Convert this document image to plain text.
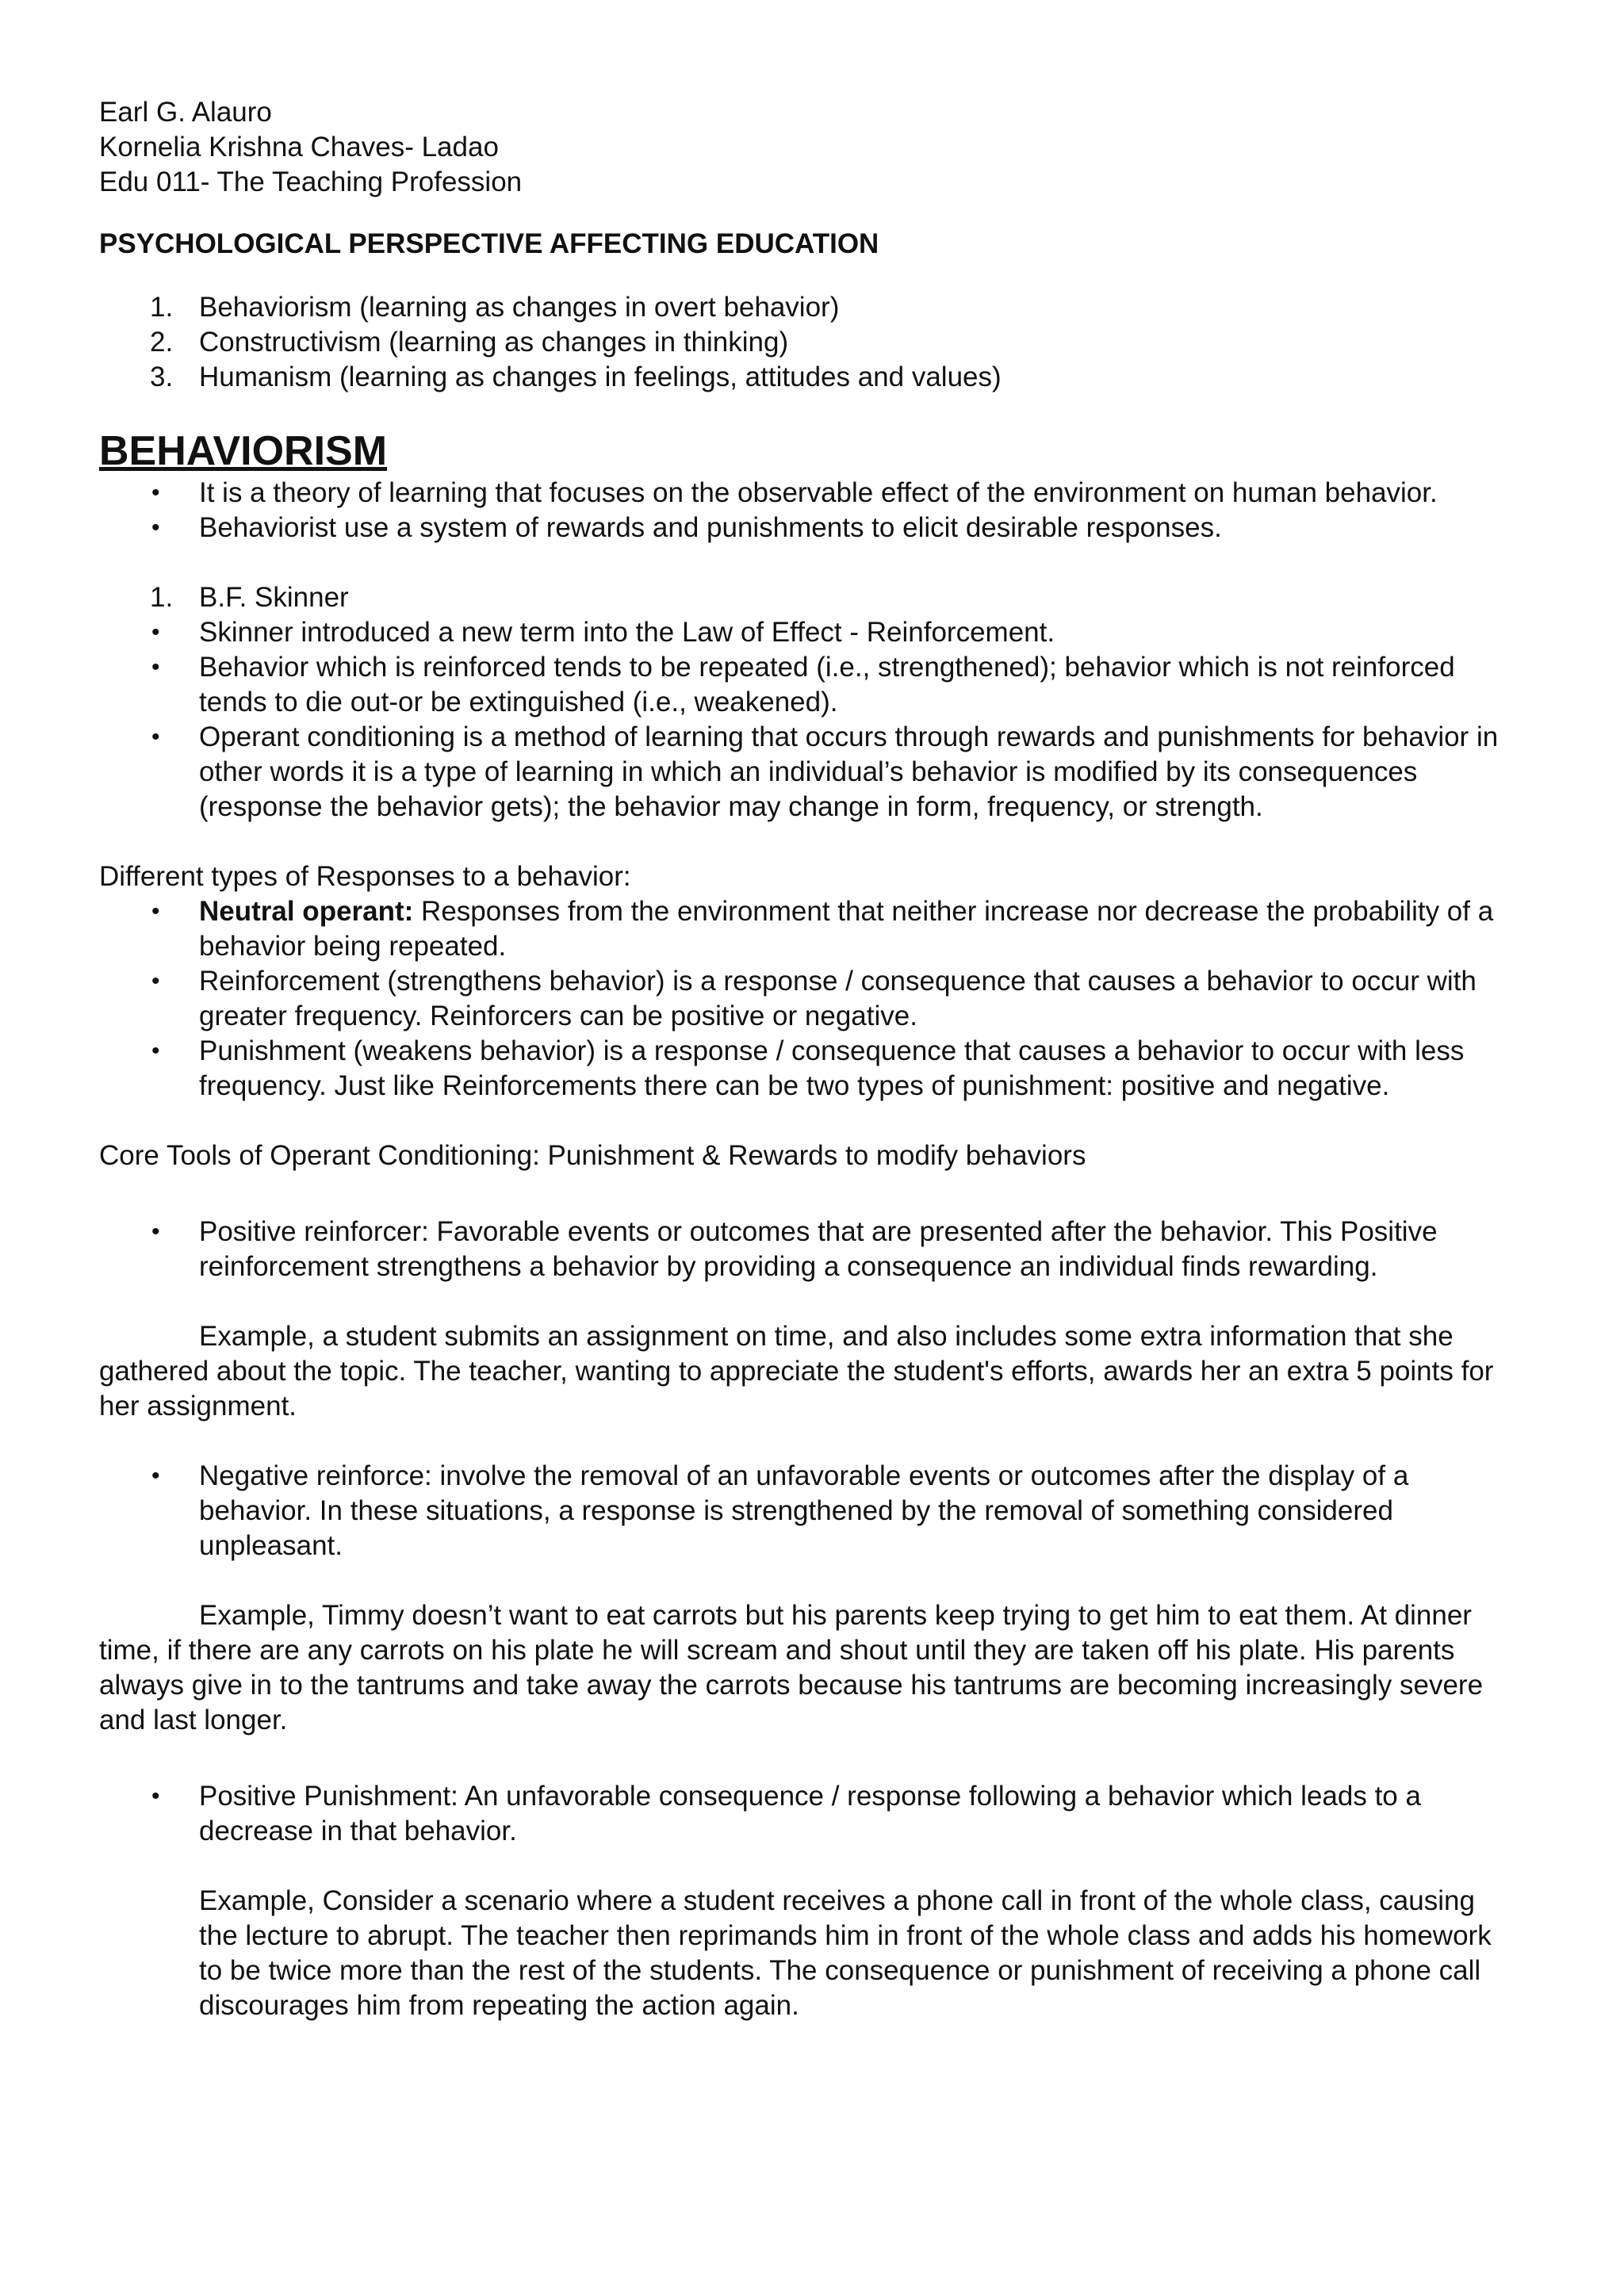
Earl G. Alauro
Kornelia Krishna Chaves- Ladao
Edu 011- The Teaching Profession

PSYCHOLOGICAL PERSPECTIVE AFFECTING EDUCATION

1. Behaviorism (learning as changes in overt behavior)
2. Constructivism (learning as changes in thinking)
3. Humanism (learning as changes in feelings, attitudes and values)

BEHAVIORISM

• It is a theory of learning that focuses on the observable effect of the environment on human behavior.
• Behaviorist use a system of rewards and punishments to elicit desirable responses.
1. B.F. Skinner
• Skinner introduced a new term into the Law of Effect - Reinforcement.
• Behavior which is reinforced tends to be repeated (i.e., strengthened); behavior which is not reinforced tends to die out-or be extinguished (i.e., weakened).
• Operant conditioning is a method of learning that occurs through rewards and punishments for behavior in other words it is a type of learning in which an individual’s behavior is modified by its consequences (response the behavior gets); the behavior may change in form, frequency, or strength.

Different types of Responses to a behavior:

• Neutral operant: Responses from the environment that neither increase nor decrease the probability of a behavior being repeated.
• Reinforcement (strengthens behavior) is a response / consequence that causes a behavior to occur with greater frequency. Reinforcers can be positive or negative.
• Punishment (weakens behavior) is a response / consequence that causes a behavior to occur with less frequency. Just like Reinforcements there can be two types of punishment: positive and negative.

Core Tools of Operant Conditioning: Punishment & Rewards to modify behaviors

• Positive reinforcer: Favorable events or outcomes that are presented after the behavior. This Positive reinforcement strengthens a behavior by providing a consequence an individual finds rewarding.

Example, a student submits an assignment on time, and also includes some extra information that she gathered about the topic. The teacher, wanting to appreciate the student's efforts, awards her an extra 5 points for her assignment.

• Negative reinforce: involve the removal of an unfavorable events or outcomes after the display of a behavior. In these situations, a response is strengthened by the removal of something considered unpleasant.

Example, Timmy doesn’t want to eat carrots but his parents keep trying to get him to eat them. At dinner time, if there are any carrots on his plate he will scream and shout until they are taken off his plate. His parents always give in to the tantrums and take away the carrots because his tantrums are becoming increasingly severe and last longer.

• Positive Punishment: An unfavorable consequence / response following a behavior which leads to a decrease in that behavior.

Example, Consider a scenario where a student receives a phone call in front of the whole class, causing the lecture to abrupt. The teacher then reprimands him in front of the whole class and adds his homework to be twice more than the rest of the students. The consequence or punishment of receiving a phone call discourages him from repeating the action again.
